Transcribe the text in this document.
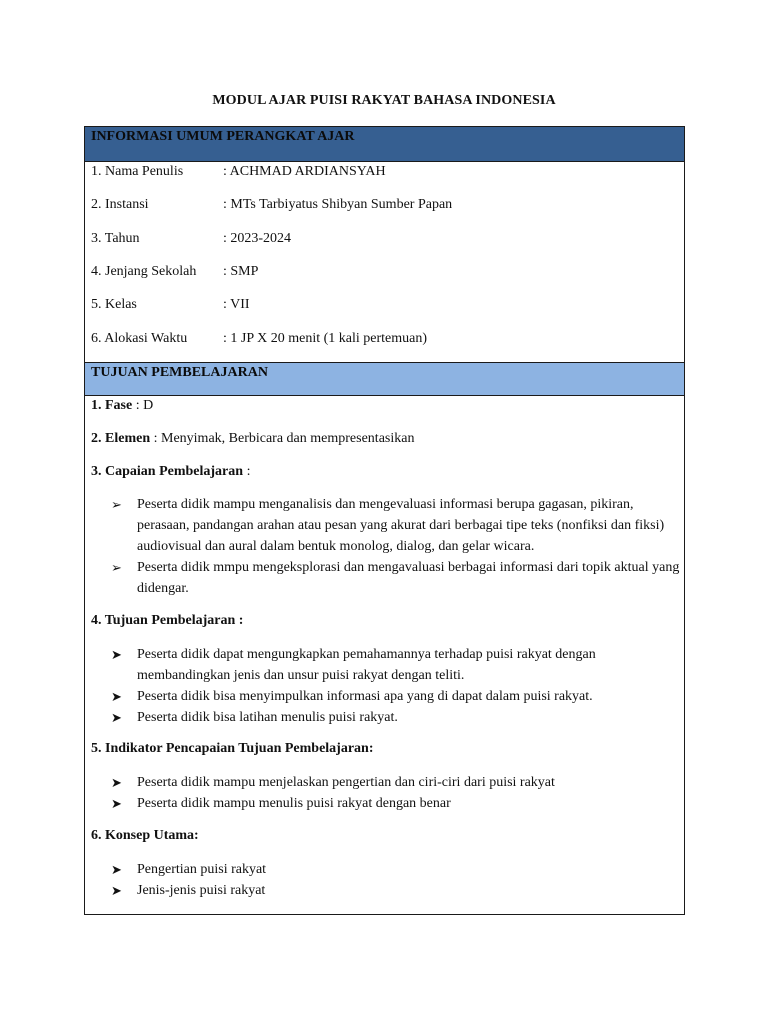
MODUL AJAR PUISI RAKYAT BAHASA INDONESIA
INFORMASI UMUM PERANGKAT AJAR
1. Nama Penulis	: ACHMAD ARDIANSYAH
2. Instansi	: MTs Tarbiyatus Shibyan Sumber Papan
3. Tahun	: 2023-2024
4. Jenjang Sekolah : SMP
5. Kelas	: VII
6. Alokasi Waktu	: 1 JP X 20 menit (1 kali pertemuan)
TUJUAN PEMBELAJARAN
1. Fase : D
2. Elemen : Menyimak, Berbicara dan mempresentasikan
3. Capaian Pembelajaran :
➢	Peserta didik mampu menganalisis dan mengevaluasi informasi berupa gagasan, pikiran, perasaan, pandangan arahan atau pesan yang akurat dari berbagai tipe teks (nonfiksi dan fiksi) audiovisual dan aural dalam bentuk monolog, dialog, dan gelar wicara.
➢	Peserta didik mmpu mengeksplorasi dan mengavaluasi berbagai informasi dari topik aktual yang didengar.
4. Tujuan Pembelajaran :
➤	Peserta didik dapat mengungkapkan pemahamannya terhadap puisi rakyat dengan membandingkan jenis dan unsur puisi rakyat dengan teliti.
➤	Peserta didik bisa menyimpulkan informasi apa yang di dapat dalam puisi rakyat.
➤	Peserta didik bisa latihan menulis puisi rakyat.
5. Indikator Pencapaian Tujuan Pembelajaran:
➤	Peserta didik mampu menjelaskan pengertian dan ciri-ciri dari puisi rakyat
➤	Peserta didik mampu menulis puisi rakyat dengan benar
6. Konsep Utama:
➤	Pengertian puisi rakyat
➤	Jenis-jenis puisi rakyat
